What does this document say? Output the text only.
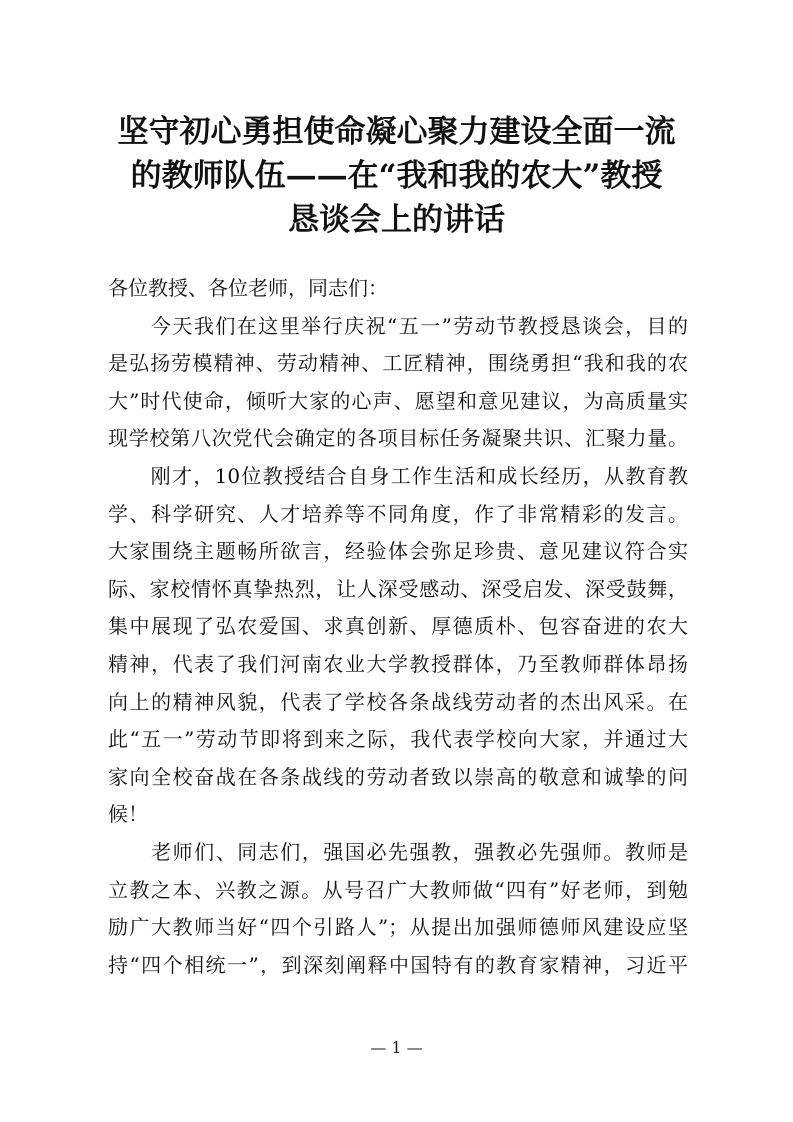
坚守初心勇担使命凝心聚力建设全面一流
的教师队伍——在“我和我的农大”教授
恳谈会上的讲话

各位教授、各位老师，同志们：

　　今天我们在这里举行庆祝“五一”劳动节教授恳谈会，目的
是弘扬劳模精神、劳动精神、工匠精神，围绕勇担“我和我的农
大”时代使命，倾听大家的心声、愿望和意见建议，为高质量实
现学校第八次党代会确定的各项目标任务凝聚共识、汇聚力量。

　　刚才，10位教授结合自身工作生活和成长经历，从教育教
学、科学研究、人才培养等不同角度，作了非常精彩的发言。
大家围绕主题畅所欲言，经验体会弥足珍贵、意见建议符合实
际、家校情怀真挚热烈，让人深受感动、深受启发、深受鼓舞，
集中展现了弘农爱国、求真创新、厚德质朴、包容奋进的农大
精神，代表了我们河南农业大学教授群体，乃至教师群体昂扬
向上的精神风貌，代表了学校各条战线劳动者的杰出风采。在
此“五一”劳动节即将到来之际，我代表学校向大家，并通过大
家向全校奋战在各条战线的劳动者致以崇高的敬意和诚挚的问
候！

　　老师们、同志们，强国必先强教，强教必先强师。教师是
立教之本、兴教之源。从号召广大教师做“四有”好老师，到勉
励广大教师当好“四个引路人”；从提出加强师德师风建设应坚
持“四个相统一”，到深刻阐释中国特有的教育家精神，习近平

— 1 —
